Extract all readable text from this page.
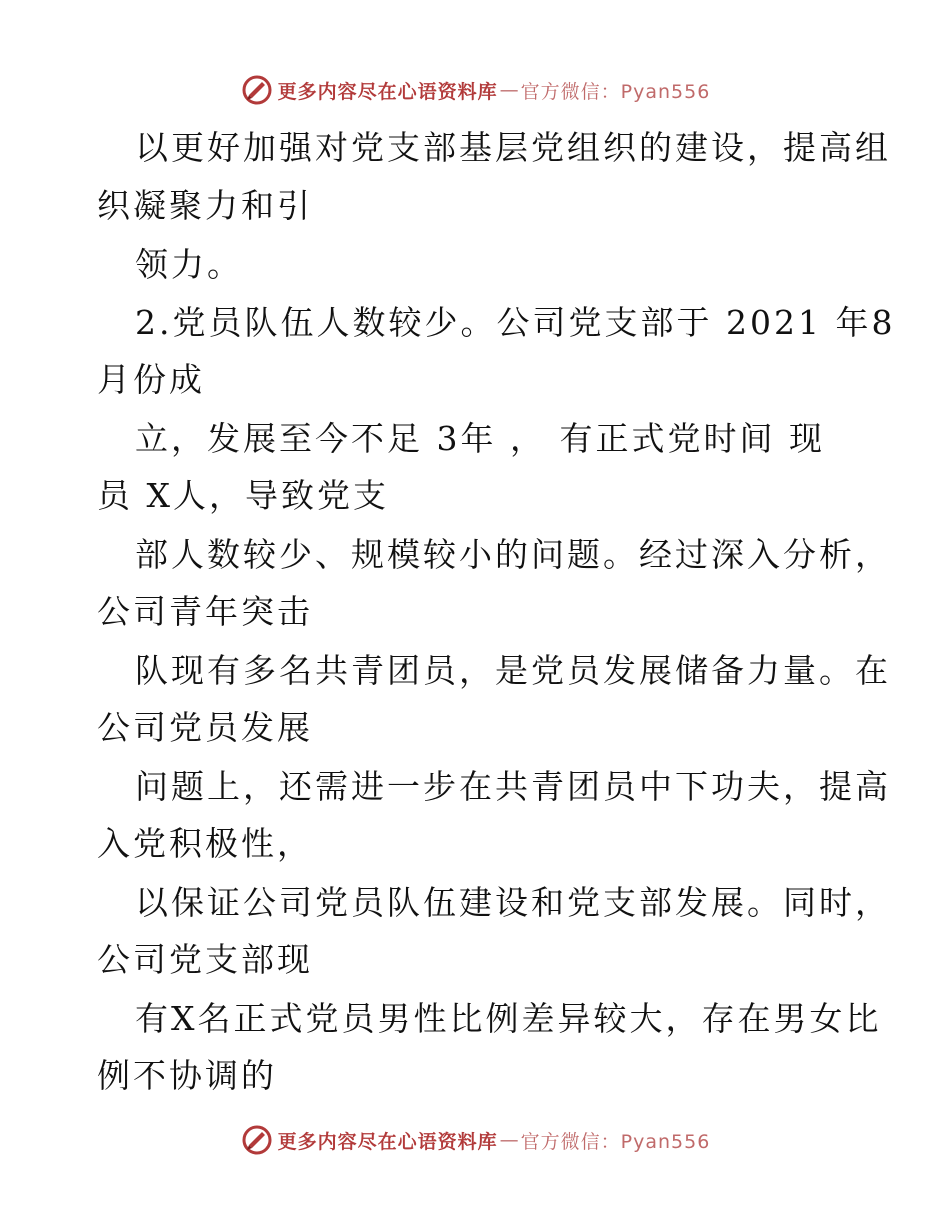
更多内容尽在心语资料库 — 官方微信：Pyan556
以更好加强对党支部基层党组织的建设，提高组
织凝聚力和引
领力。
2.党员队伍人数较少。公司党支部于 2021 年8
月份成
立，发展至今不足 3年 ， 有正式党时间 现
员 X人，导致党支
部人数较少、规模较小的问题。经过深入分析，
公司青年突击
队现有多名共青团员，是党员发展储备力量。在
公司党员发展
问题上，还需进一步在共青团员中下功夫，提高
入党积极性，
以保证公司党员队伍建设和党支部发展。同时，
公司党支部现
有X名正式党员男性比例差异较大，存在男女比
例不协调的
更多内容尽在心语资料库 — 官方微信：Pyan556
